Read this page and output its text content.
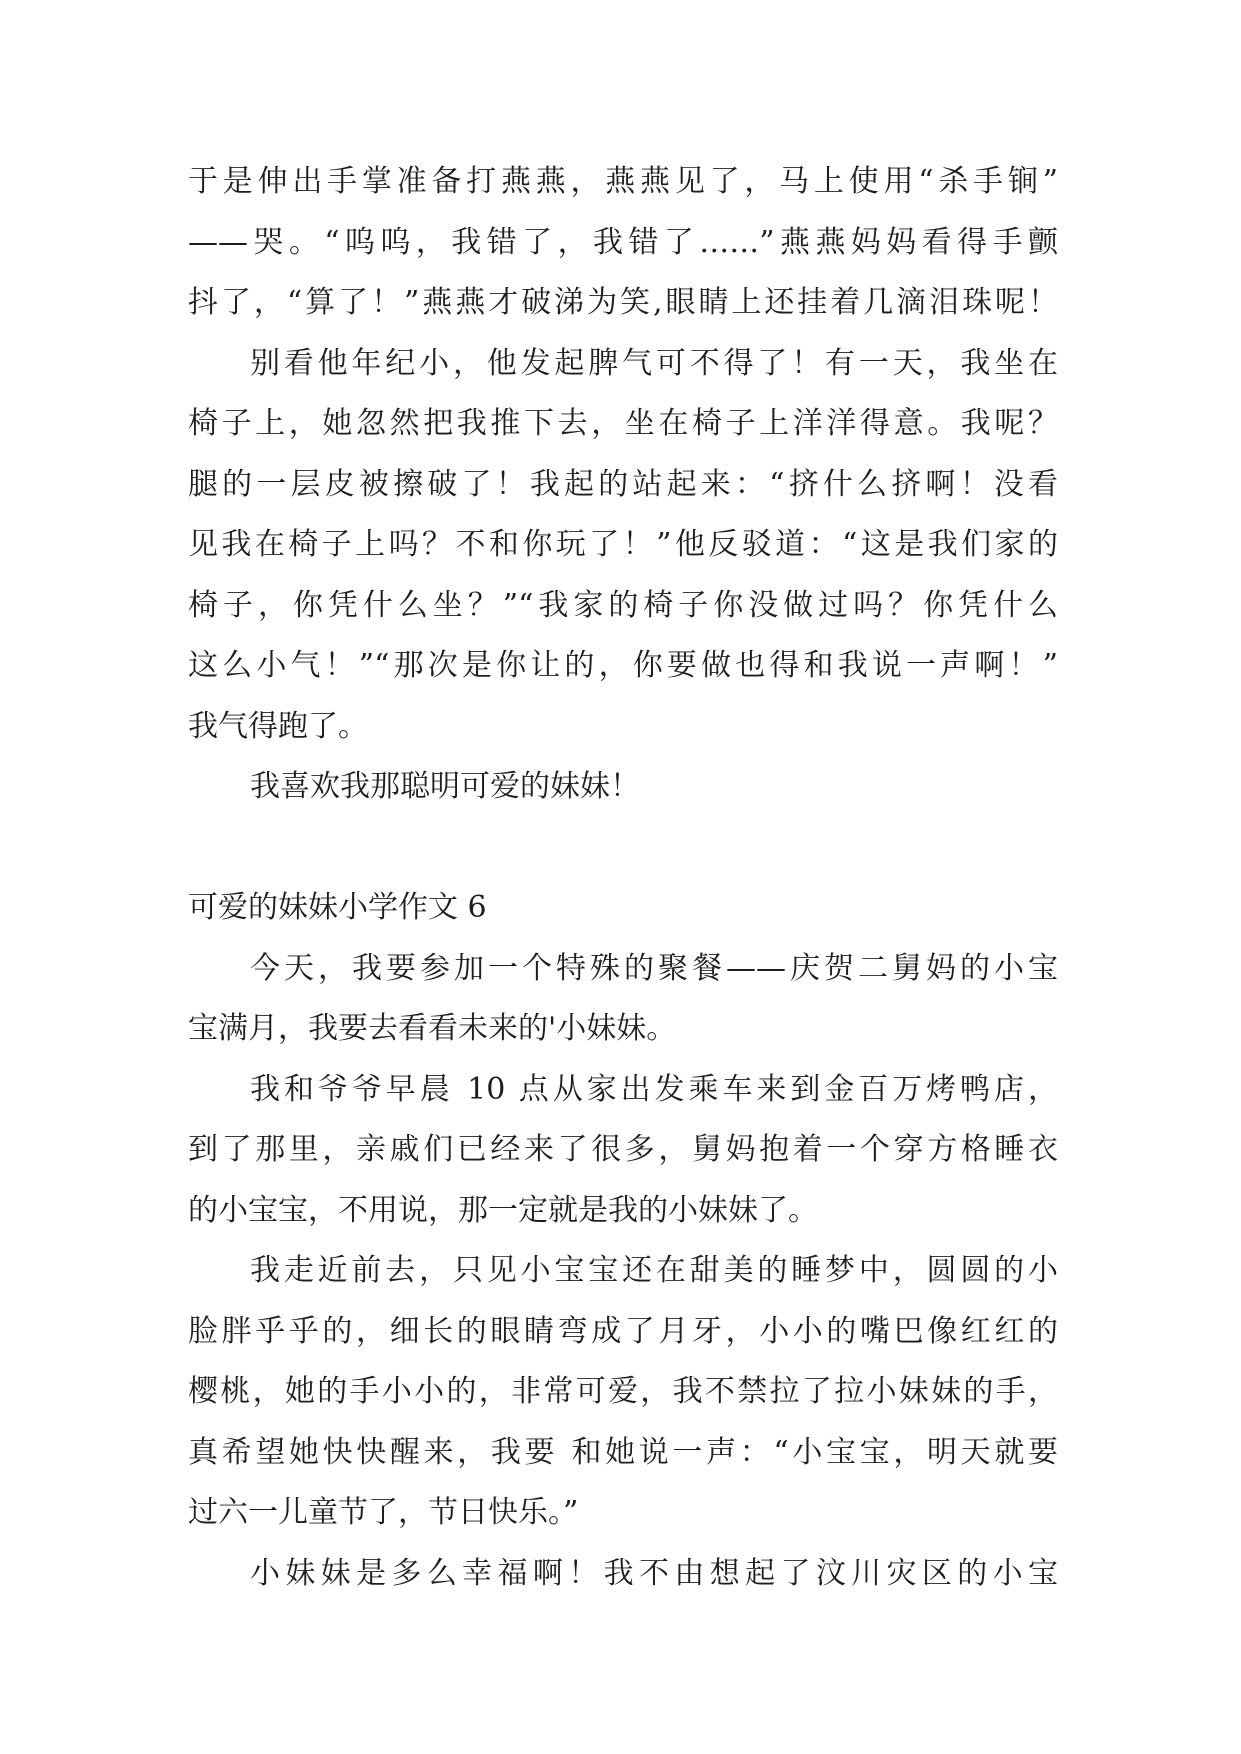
于是伸出手掌准备打燕燕，燕燕见了，马上使用“杀手锏”
——哭。“呜呜，我错了，我错了……”燕燕妈妈看得手颤
抖了，“算了！”燕燕才破涕为笑,眼睛上还挂着几滴泪珠呢！
别看他年纪小，他发起脾气可不得了！有一天，我坐在
椅子上，她忽然把我推下去，坐在椅子上洋洋得意。我呢？
腿的一层皮被擦破了！我起的站起来：“挤什么挤啊！没看
见我在椅子上吗？不和你玩了！”他反驳道：“这是我们家的
椅子，你凭什么坐？”“我家的椅子你没做过吗？你凭什么
这么小气！”“那次是你让的，你要做也得和我说一声啊！”
我气得跑了。
我喜欢我那聪明可爱的妹妹！
可爱的妹妹小学作文 6
今天，我要参加一个特殊的聚餐——庆贺二舅妈的小宝
宝满月，我要去看看未来的'小妹妹。
我和爷爷早晨 10 点从家出发乘车来到金百万烤鸭店，
到了那里，亲戚们已经来了很多，舅妈抱着一个穿方格睡衣
的小宝宝，不用说，那一定就是我的小妹妹了。
我走近前去，只见小宝宝还在甜美的睡梦中，圆圆的小
脸胖乎乎的，细长的眼睛弯成了月牙，小小的嘴巴像红红的
樱桃，她的手小小的，非常可爱，我不禁拉了拉小妹妹的手，
真希望她快快醒来，我要 和她说一声：“小宝宝，明天就要
过六一儿童节了，节日快乐。”
小妹妹是多么幸福啊！我不由想起了汶川灾区的小宝
